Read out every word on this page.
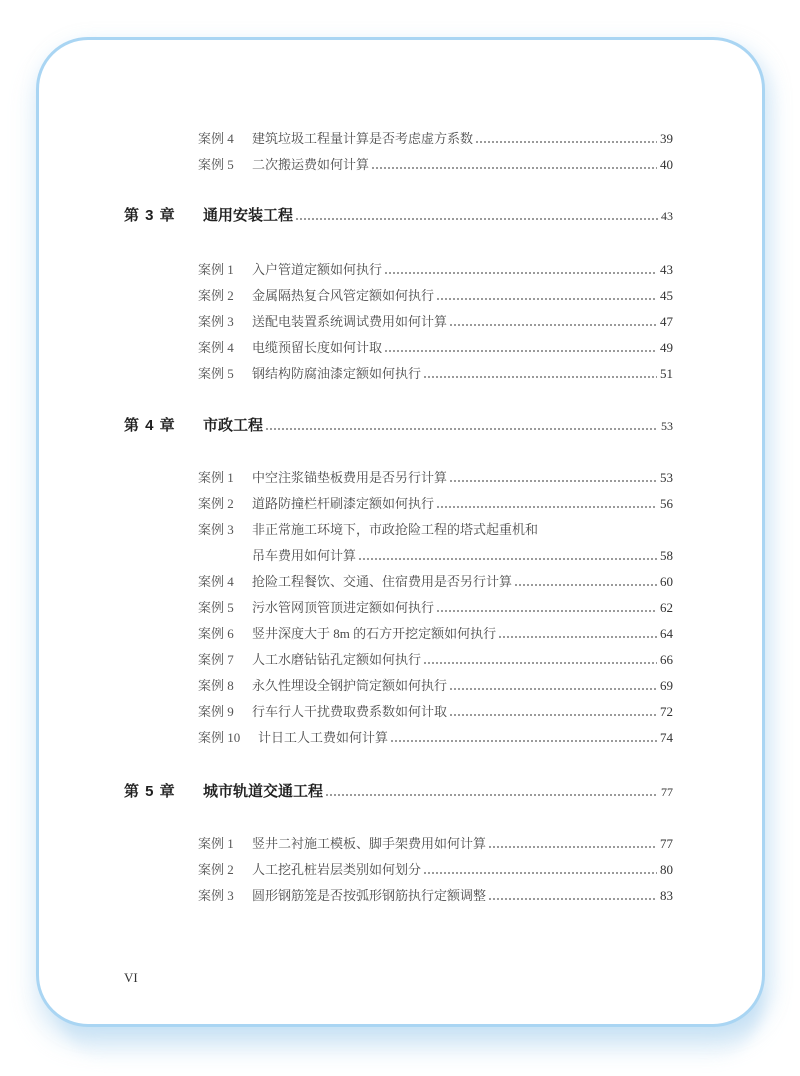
案例 4	建筑垃圾工程量计算是否考虑虚方系数	39
案例 5	二次搬运费如何计算	40
第 3 章	通用安装工程	43
案例 1	入户管道定额如何执行	43
案例 2	金属隔热复合风管定额如何执行	45
案例 3	送配电装置系统调试费用如何计算	47
案例 4	电缆预留长度如何计取	49
案例 5	钢结构防腐油漆定额如何执行	51
第 4 章	市政工程	53
案例 1	中空注浆锚垫板费用是否另行计算	53
案例 2	道路防撞栏杆刷漆定额如何执行	56
案例 3	非正常施工环境下，市政抢险工程的塔式起重机和
吊车费用如何计算	58
案例 4	抢险工程餐饮、交通、住宿费用是否另行计算	60
案例 5	污水管网顶管顶进定额如何执行	62
案例 6	竖井深度大于 8m 的石方开挖定额如何执行	64
案例 7	人工水磨钻钻孔定额如何执行	66
案例 8	永久性埋设全钢护筒定额如何执行	69
案例 9	行车行人干扰费取费系数如何计取	72
案例 10	计日工人工费如何计算	74
第 5 章	城市轨道交通工程	77
案例 1	竖井二衬施工模板、脚手架费用如何计算	77
案例 2	人工挖孔桩岩层类别如何划分	80
案例 3	圆形钢筋笼是否按弧形钢筋执行定额调整	83
VI
